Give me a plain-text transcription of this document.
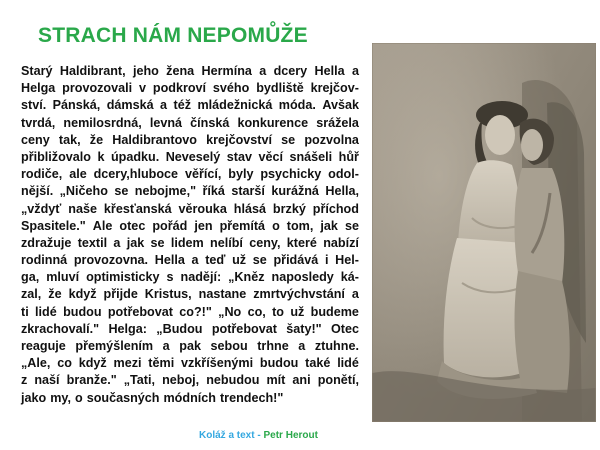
STRACH NÁM NEPOMŮŽE
Starý Haldibrant, jeho žena Hermína a dcery Hella a
Helga provozovali v podkroví svého bydliště krejčov-
ství. Pánská, dámská a též mládežnická móda. Avšak
tvrdá, nemilosrdná, levná čínská konkurence srážela
ceny tak, že Haldibrantovo krejčovství se pozvolna
přibližovalo k úpadku. Neveselý stav věcí snášeli hůř
rodiče, ale dcery,hluboce věřící, byly psychicky odol-
nější. „Ničeho se nebojme," říká starší kurážná Hella,
„vždyť naše křesťanská věrouka hlásá brzký příchod
Spasitele." Ale otec pořád jen přemítá o tom, jak se
zdražuje textil a jak se lidem nelíbí ceny, které nabízí
rodinná provozovna. Hella a teď už se přidává i Hel-
ga, mluví optimisticky s nadějí: „Kněz naposledy ká-
zal, že když přijde Kristus, nastane zmrtvýchvstání a
ti lidé budou potřebovat co?!" „No co, to už budeme
zkrachovalí." Helga: „Budou potřebovat šaty!" Otec
reaguje přemýšlením a pak sebou trhne a ztuhne.
„Ale, co když mezi těmi vzkříšenými budou také lidé
z naší branže." „Tati, neboj, nebudou mít ani ponětí,
jako my, o současných módních trendech!"
Koláž a text - Petr Herout
